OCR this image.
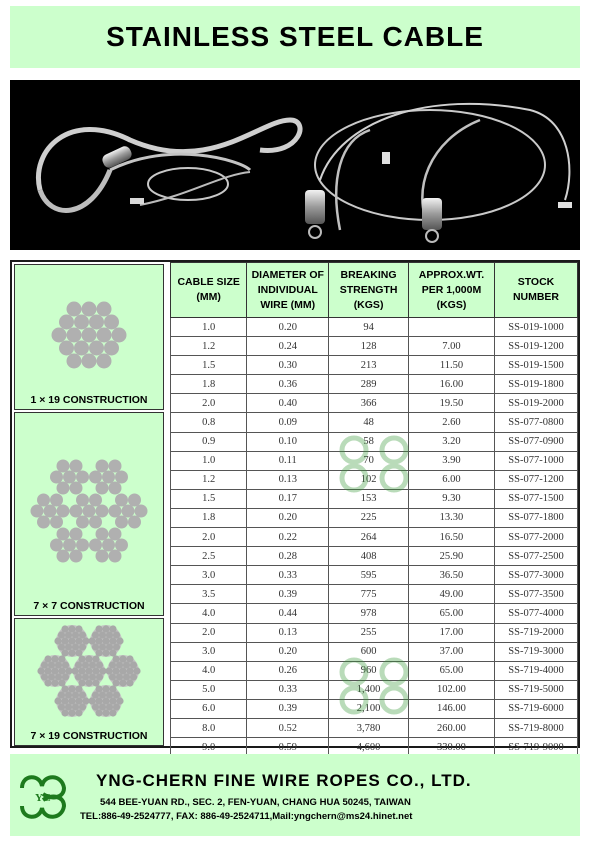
STAINLESS STEEL CABLE
1 × 19 CONSTRUCTION
7 × 7 CONSTRUCTION
7 × 19 CONSTRUCTION
CABLE SIZE (MM)	DIAMETER OF INDIVIDUAL WIRE (MM)	BREAKING STRENGTH (KGS)	APPROX.WT. PER 1,000M (KGS)	STOCK NUMBER
1.0	0.20	94		SS-019-1000
1.2	0.24	128	7.00	SS-019-1200
1.5	0.30	213	11.50	SS-019-1500
1.8	0.36	289	16.00	SS-019-1800
2.0	0.40	366	19.50	SS-019-2000
0.8	0.09	48	2.60	SS-077-0800
0.9	0.10	58	3.20	SS-077-0900
1.0	0.11	70	3.90	SS-077-1000
1.2	0.13	102	6.00	SS-077-1200
1.5	0.17	153	9.30	SS-077-1500
1.8	0.20	225	13.30	SS-077-1800
2.0	0.22	264	16.50	SS-077-2000
2.5	0.28	408	25.90	SS-077-2500
3.0	0.33	595	36.50	SS-077-3000
3.5	0.39	775	49.00	SS-077-3500
4.0	0.44	978	65.00	SS-077-4000
2.0	0.13	255	17.00	SS-719-2000
3.0	0.20	600	37.00	SS-719-3000
4.0	0.26	960	65.00	SS-719-4000
5.0	0.33	1,400	102.00	SS-719-5000
6.0	0.39	2,100	146.00	SS-719-6000
8.0	0.52	3,780	260.00	SS-719-8000
9.0	0.59	4,600	330.00	SS-719-9000
YC
YNG-CHERN FINE WIRE ROPES CO., LTD.
544 BEE-YUAN RD., SEC. 2, FEN-YUAN, CHANG HUA 50245, TAIWAN
TEL:886-49-2524777, FAX: 886-49-2524711,Mail:yngchern@ms24.hinet.net
